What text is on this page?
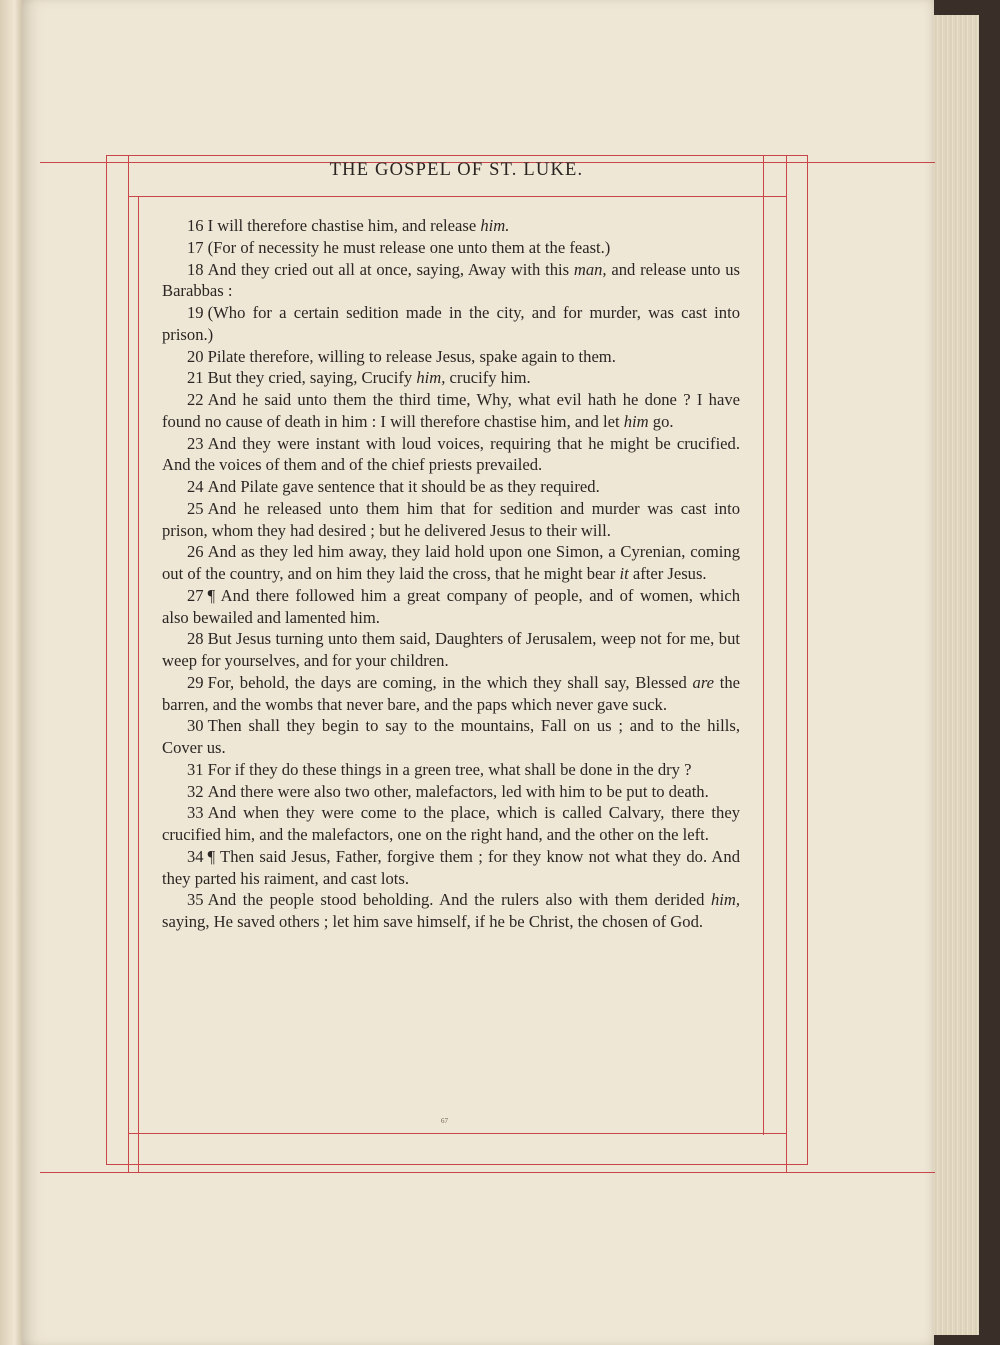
THE GOSPEL OF ST. LUKE.

16 I will therefore chastise him, and release him.

17 (For of necessity he must release one unto them at the feast.)

18 And they cried out all at once, saying, Away with this man, and release unto us Barabbas :

19 (Who for a certain sedition made in the city, and for murder, was cast into prison.)

20 Pilate therefore, willing to release Jesus, spake again to them.

21 But they cried, saying, Crucify him, crucify him.

22 And he said unto them the third time, Why, what evil hath he done ? I have found no cause of death in him : I will therefore chastise him, and let him go.

23 And they were instant with loud voices, requiring that he might be crucified. And the voices of them and of the chief priests prevailed.

24 And Pilate gave sentence that it should be as they required.

25 And he released unto them him that for sedition and murder was cast into prison, whom they had desired ; but he delivered Jesus to their will.

26 And as they led him away, they laid hold upon one Simon, a Cyrenian, coming out of the country, and on him they laid the cross, that he might bear it after Jesus.

27 ¶ And there followed him a great company of people, and of women, which also bewailed and lamented him.

28 But Jesus turning unto them said, Daughters of Jerusalem, weep not for me, but weep for yourselves, and for your children.

29 For, behold, the days are coming, in the which they shall say, Blessed are the barren, and the wombs that never bare, and the paps which never gave suck.

30 Then shall they begin to say to the mountains, Fall on us ; and to the hills, Cover us.

31 For if they do these things in a green tree, what shall be done in the dry ?

32 And there were also two other, malefactors, led with him to be put to death.

33 And when they were come to the place, which is called Calvary, there they crucified him, and the malefactors, one on the right hand, and the other on the left.

34 ¶ Then said Jesus, Father, forgive them ; for they know not what they do. And they parted his raiment, and cast lots.

35 And the people stood beholding. And the rulers also with them derided him, saying, He saved others ; let him save himself, if he be Christ, the chosen of God.

67
